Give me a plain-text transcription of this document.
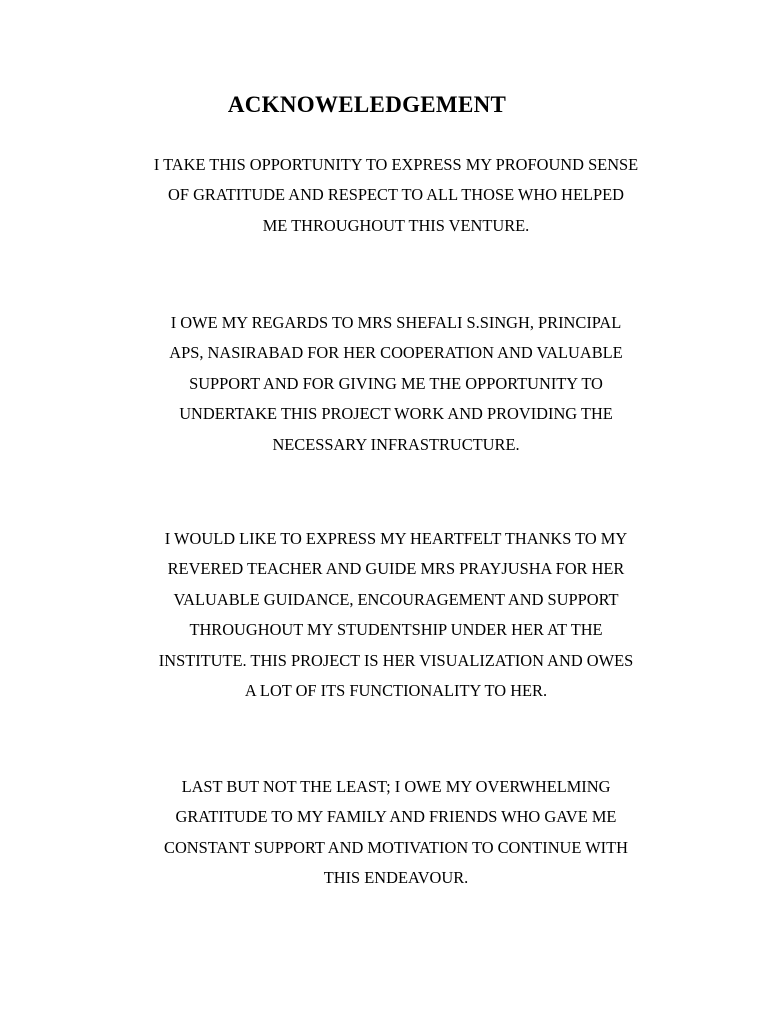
ACKNOWELEDGEMENT

I TAKE THIS OPPORTUNITY TO EXPRESS MY PROFOUND SENSE
OF GRATITUDE AND RESPECT TO ALL THOSE WHO HELPED
ME THROUGHOUT THIS VENTURE.

I OWE MY REGARDS TO MRS SHEFALI S.SINGH, PRINCIPAL
APS, NASIRABAD FOR HER COOPERATION AND VALUABLE
SUPPORT AND FOR GIVING ME THE OPPORTUNITY TO
UNDERTAKE THIS PROJECT WORK AND PROVIDING THE
NECESSARY INFRASTRUCTURE.

I WOULD LIKE TO EXPRESS MY HEARTFELT THANKS TO MY
REVERED TEACHER AND GUIDE MRS PRAYJUSHA FOR HER
VALUABLE GUIDANCE, ENCOURAGEMENT AND SUPPORT
THROUGHOUT MY STUDENTSHIP UNDER HER AT THE
INSTITUTE. THIS PROJECT IS HER VISUALIZATION AND OWES
A LOT OF ITS FUNCTIONALITY TO HER.

LAST BUT NOT THE LEAST; I OWE MY OVERWHELMING
GRATITUDE TO MY FAMILY AND FRIENDS WHO GAVE ME
CONSTANT SUPPORT AND MOTIVATION TO CONTINUE WITH
THIS ENDEAVOUR.
